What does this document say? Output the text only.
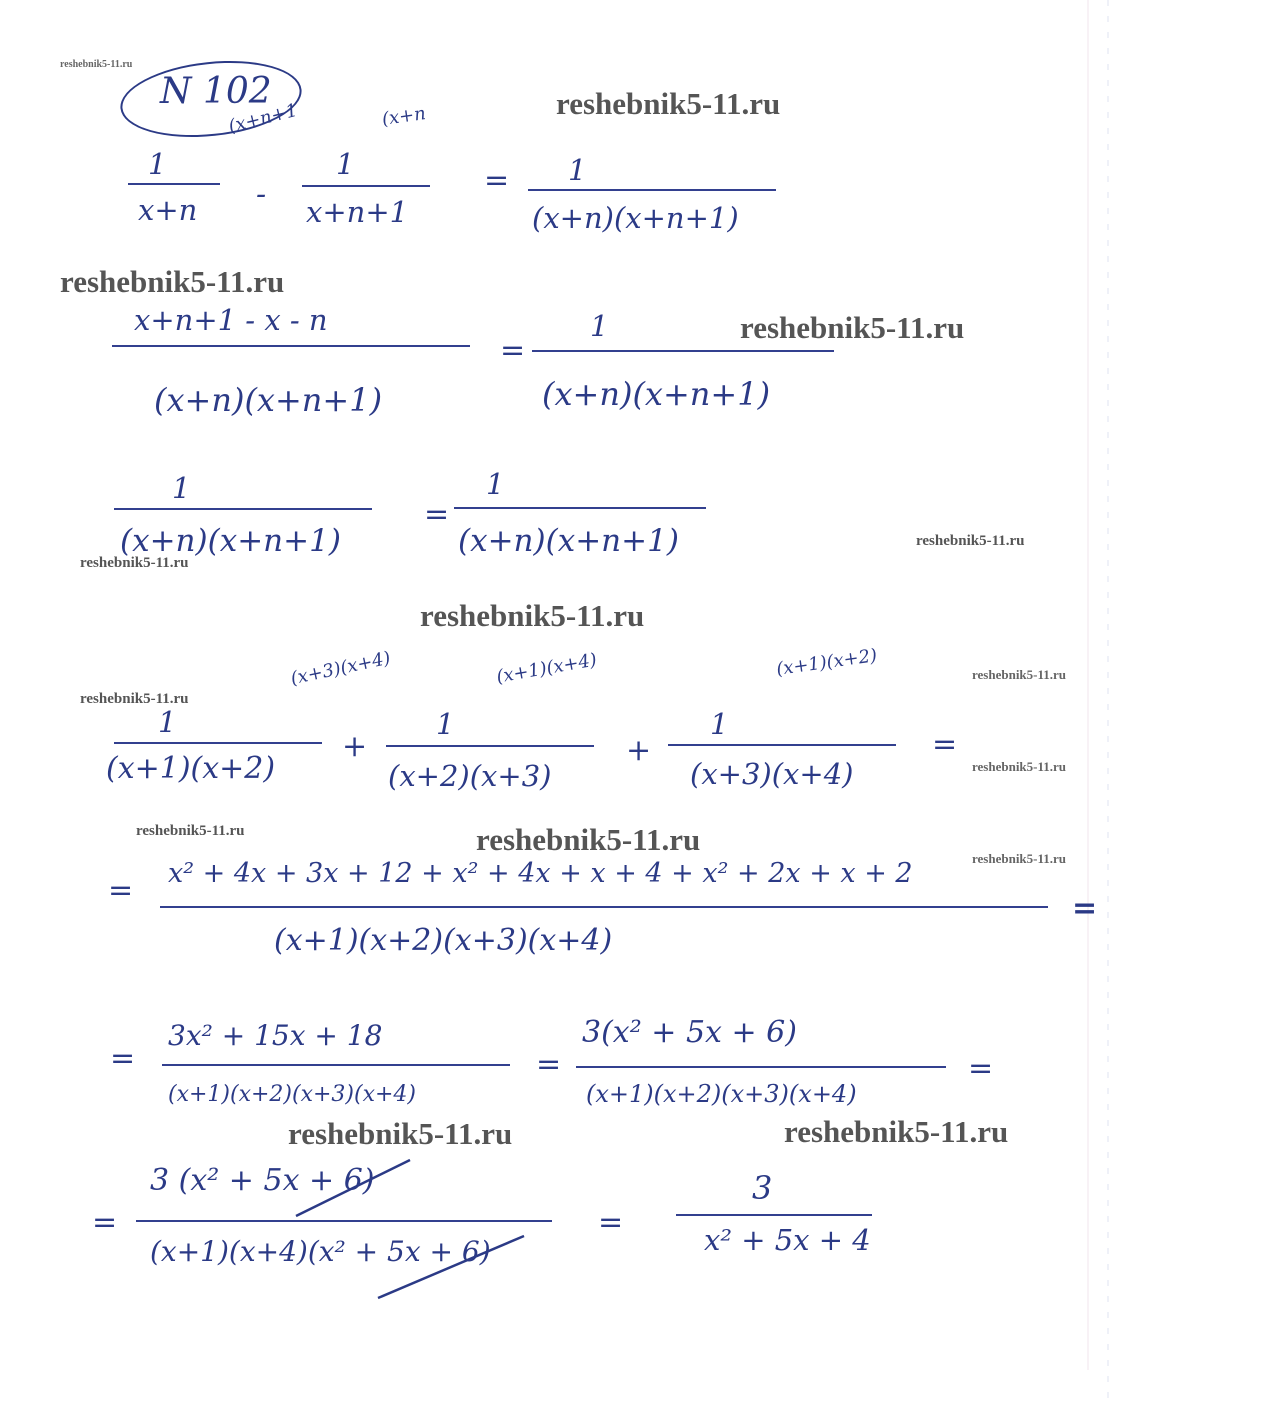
N 102
reshebnik5-11.ru
reshebnik5-11.ru
reshebnik5-11.ru
reshebnik5-11.ru
reshebnik5-11.ru
reshebnik5-11.ru
reshebnik5-11.ru
reshebnik5-11.ru
reshebnik5-11.ru
reshebnik5-11.ru
reshebnik5-11.ru	reshebnik5-11.ru
reshebnik5-11.ru
reshebnik5-11.ru	reshebnik5-11.ru
(x+n+1	(x+n
1
x+n -
1
x+n+1
= 1
(x+n)(x+n+1)
x+n+1 - x - n
(x+n)(x+n+1)
=
1
(x+n)(x+n+1)
1
(x+n)(x+n+1)
=
1
(x+n)(x+n+1)
(x+3)(x+4)	(x+1)(x+4)	(x+1)(x+2)
1
(x+1)(x+2)
+
1
(x+2)(x+3)
+
1
(x+3)(x+4)
=
= x² + 4x + 3x + 12 + x² + 4x + x + 4 + x² + 2x + x + 2
(x+1)(x+2)(x+3)(x+4)
=
=
3x² + 15x + 18
(x+1)(x+2)(x+3)(x+4)
=
3(x² + 5x + 6)
(x+1)(x+2)(x+3)(x+4)
=
=
3 (x² + 5x + 6)
(x+1)(x+4)(x² + 5x + 6)
=
3
x² + 5x + 4
